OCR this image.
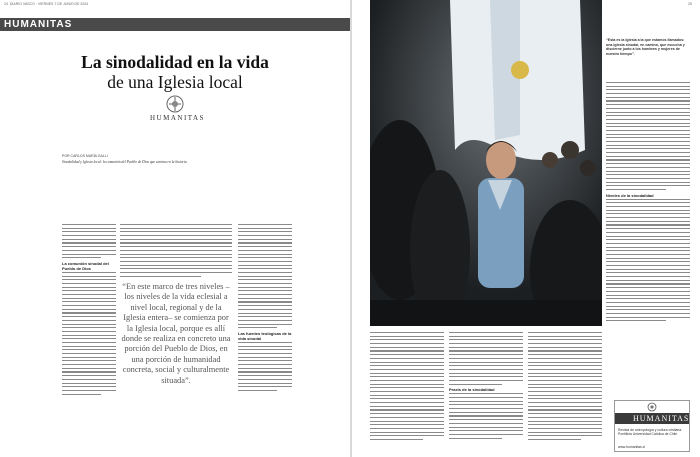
24 DIARIO VASCO · VIERNES 7 DE JUNIO DE 2024
HUMANITAS
La sinodalidad en la vida
de una Iglesia local
HUMANITAS
POR CARLOS MARÍA GALLI
Sinodalidad y Iglesia local: la comunión del Pueblo de Dios que camina en la historia.
La comunión sinodal del Pueblo de Dios
“En este marco de tres niveles –los niveles de la vida eclesial a nivel local, regional y de la Iglesia entera– se comienza por la Iglesia local, porque es allí donde se realiza en concreto una porción del Pueblo de Dios, en una porción de humanidad concreta, social y culturalmente situada”.
Las fuentes teológicas de la vida sinodal
25
“Esta es la Iglesia a la que estamos llamados: una Iglesia sinodal, en camino, que escucha y discierne junto a los hombres y mujeres de nuestro tiempo”.
Niveles de la sinodalidad
Praxis de la sinodalidad
HUMANITAS
Revista de antropología y cultura cristiana. Pontificia Universidad Católica de Chile
www.humanitas.cl
